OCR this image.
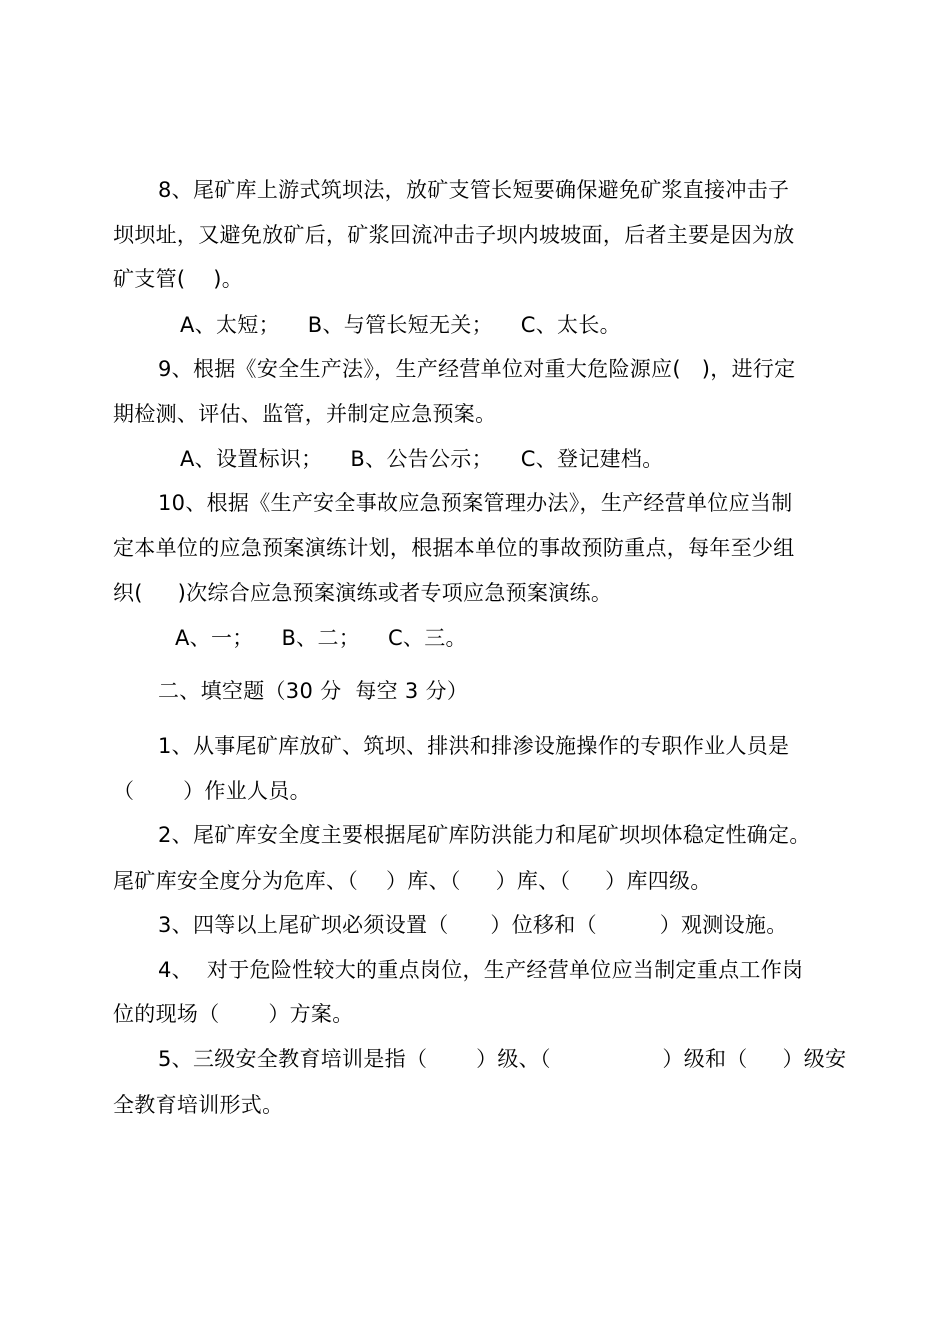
8、尾矿库上游式筑坝法，放矿支管长短要确保避免矿浆直接冲击子
坝坝址，又避免放矿后，矿浆回流冲击子坝内坡坡面，后者主要是因为放
矿支管(    )。
A、太短；    B、与管长短无关；    C、太长。
9、根据《安全生产法》，生产经营单位对重大危险源应(   )，进行定
期检测、评估、监管，并制定应急预案。
A、设置标识；    B、公告公示；    C、登记建档。
10、根据《生产安全事故应急预案管理办法》，生产经营单位应当制
定本单位的应急预案演练计划，根据本单位的事故预防重点，每年至少组
织(     )次综合应急预案演练或者专项应急预案演练。
A、一；    B、二；    C、三。
二、填空题（30 分  每空 3 分）
1、从事尾矿库放矿、筑坝、排洪和排渗设施操作的专职作业人员是
（       ）作业人员。
2、尾矿库安全度主要根据尾矿库防洪能力和尾矿坝坝体稳定性确定。
尾矿库安全度分为危库、（    ）库、（     ）库、（     ）库四级。
3、四等以上尾矿坝必须设置（      ）位移和（         ）观测设施。
4、  对于危险性较大的重点岗位，生产经营单位应当制定重点工作岗
位的现场（       ）方案。
5、三级安全教育培训是指（       ）级、（                ）级和（     ）级安
全教育培训形式。
